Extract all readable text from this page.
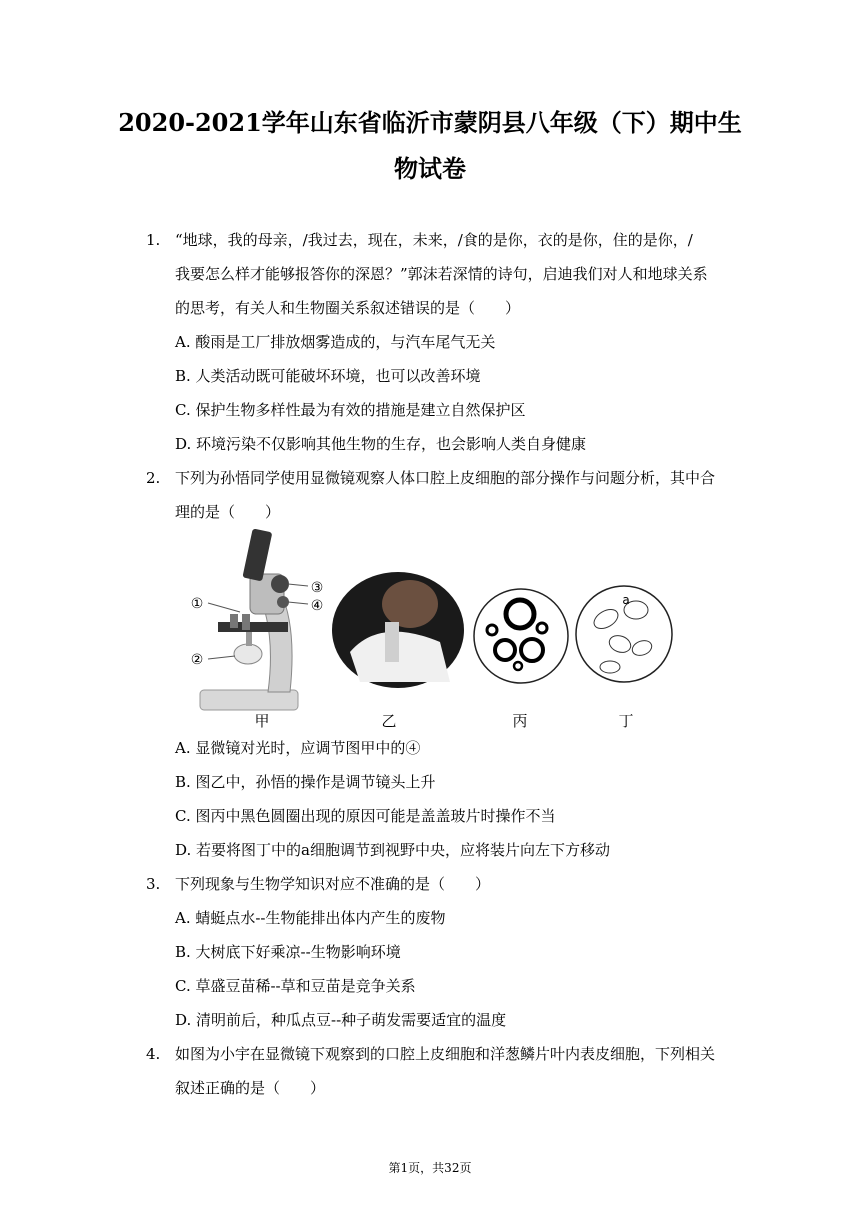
2020-2021学年山东省临沂市蒙阴县八年级（下）期中生
物试卷
1. “地球，我的母亲，/我过去，现在，未来，/食的是你，衣的是你，住的是你，/
我要怎么样才能够报答你的深恩？”郭沫若深情的诗句，启迪我们对人和地球关系
的思考，有关人和生物圈关系叙述错误的是（　　）
A. 酸雨是工厂排放烟雾造成的，与汽车尾气无关
B. 人类活动既可能破坏环境，也可以改善环境
C. 保护生物多样性最为有效的措施是建立自然保护区
D. 环境污染不仅影响其他生物的生存，也会影响人类自身健康
2. 下列为孙悟同学使用显微镜观察人体口腔上皮细胞的部分操作与问题分析，其中合
理的是（　　）
①
②
③
④	a
甲	乙	丙	丁
A. 显微镜对光时，应调节图甲中的④
B. 图乙中，孙悟的操作是调节镜头上升
C. 图丙中黑色圆圈出现的原因可能是盖盖玻片时操作不当
D. 若要将图丁中的a细胞调节到视野中央，应将装片向左下方移动
3. 下列现象与生物学知识对应不准确的是（　　）
A. 蜻蜓点水--生物能排出体内产生的废物
B. 大树底下好乘凉--生物影响环境
C. 草盛豆苗稀--草和豆苗是竞争关系
D. 清明前后，种瓜点豆--种子萌发需要适宜的温度
4. 如图为小宇在显微镜下观察到的口腔上皮细胞和洋葱鳞片叶内表皮细胞，下列相关
叙述正确的是（　　）
第1页，共32页
